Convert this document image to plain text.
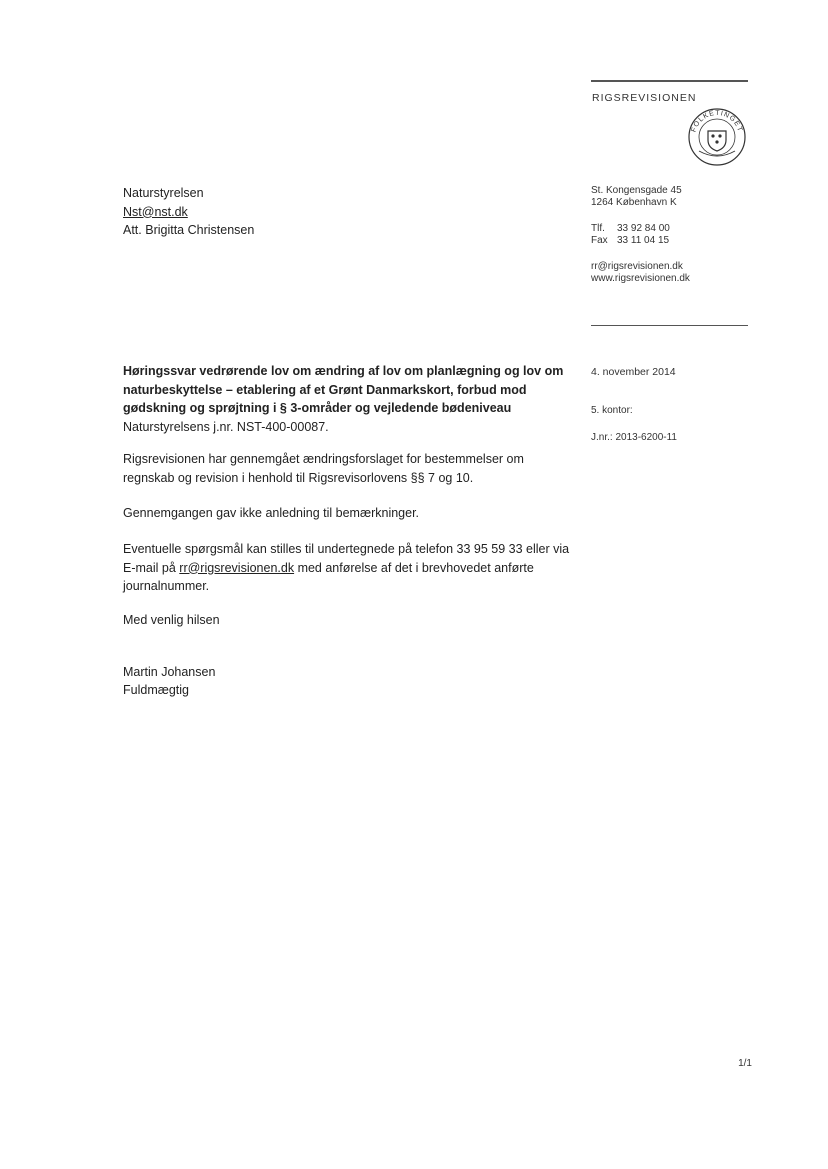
RIGSREVISIONEN
FOLKETINGET
St. Kongensgade 45
1264 København K
Tlf. 33 92 84 00
Fax 33 11 04 15
rr@rigsrevisionen.dk
www.rigsrevisionen.dk
Naturstyrelsen
Nst@nst.dk
Att. Brigitta Christensen
4. november 2014
5. kontor:
J.nr.: 2013-6200-11
Høringssvar vedrørende lov om ændring af lov om planlægning og lov om naturbeskyttelse – etablering af et Grønt Danmarkskort, forbud mod gødskning og sprøjtning i § 3-områder og vejledende bødeniveau
Naturstyrelsens j.nr. NST-400-00087.
Rigsrevisionen har gennemgået ændringsforslaget for bestemmelser om regnskab og revision i henhold til Rigsrevisorlovens §§ 7 og 10.
Gennemgangen gav ikke anledning til bemærkninger.
Eventuelle spørgsmål kan stilles til undertegnede på telefon 33 95 59 33 eller via E-mail på rr@rigsrevisionen.dk med anførelse af det i brevhovedet anførte journalnummer.
Med venlig hilsen
Martin Johansen
Fuldmægtig
1/1
